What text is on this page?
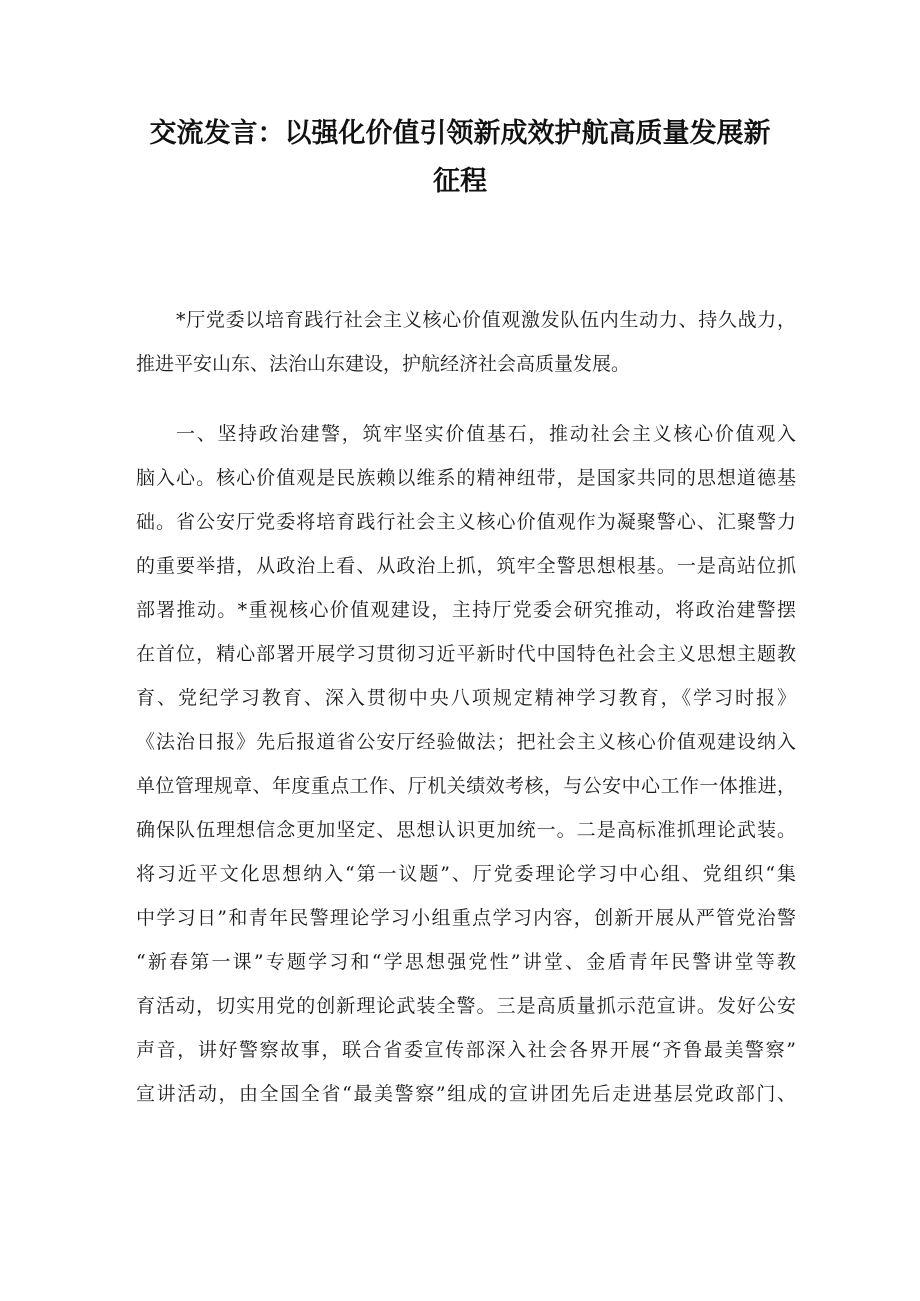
交流发言：以强化价值引领新成效护航高质量发展新
征程
*厅党委以培育践行社会主义核心价值观激发队伍内生动力、持久战力，
推进平安山东、法治山东建设，护航经济社会高质量发展。
一、坚持政治建警，筑牢坚实价值基石，推动社会主义核心价值观入
脑入心。核心价值观是民族赖以维系的精神纽带，是国家共同的思想道德基
础。省公安厅党委将培育践行社会主义核心价值观作为凝聚警心、汇聚警力
的重要举措，从政治上看、从政治上抓，筑牢全警思想根基。一是高站位抓
部署推动。*重视核心价值观建设，主持厅党委会研究推动，将政治建警摆
在首位，精心部署开展学习贯彻习近平新时代中国特色社会主义思想主题教
育、党纪学习教育、深入贯彻中央八项规定精神学习教育，《学习时报》
《法治日报》先后报道省公安厅经验做法；把社会主义核心价值观建设纳入
单位管理规章、年度重点工作、厅机关绩效考核，与公安中心工作一体推进，
确保队伍理想信念更加坚定、思想认识更加统一。二是高标准抓理论武装。
将习近平文化思想纳入“第一议题”、厅党委理论学习中心组、党组织“集
中学习日”和青年民警理论学习小组重点学习内容，创新开展从严管党治警
“新春第一课”专题学习和“学思想强党性”讲堂、金盾青年民警讲堂等教
育活动，切实用党的创新理论武装全警。三是高质量抓示范宣讲。发好公安
声音，讲好警察故事，联合省委宣传部深入社会各界开展“齐鲁最美警察”
宣讲活动，由全国全省“最美警察”组成的宣讲团先后走进基层党政部门、
